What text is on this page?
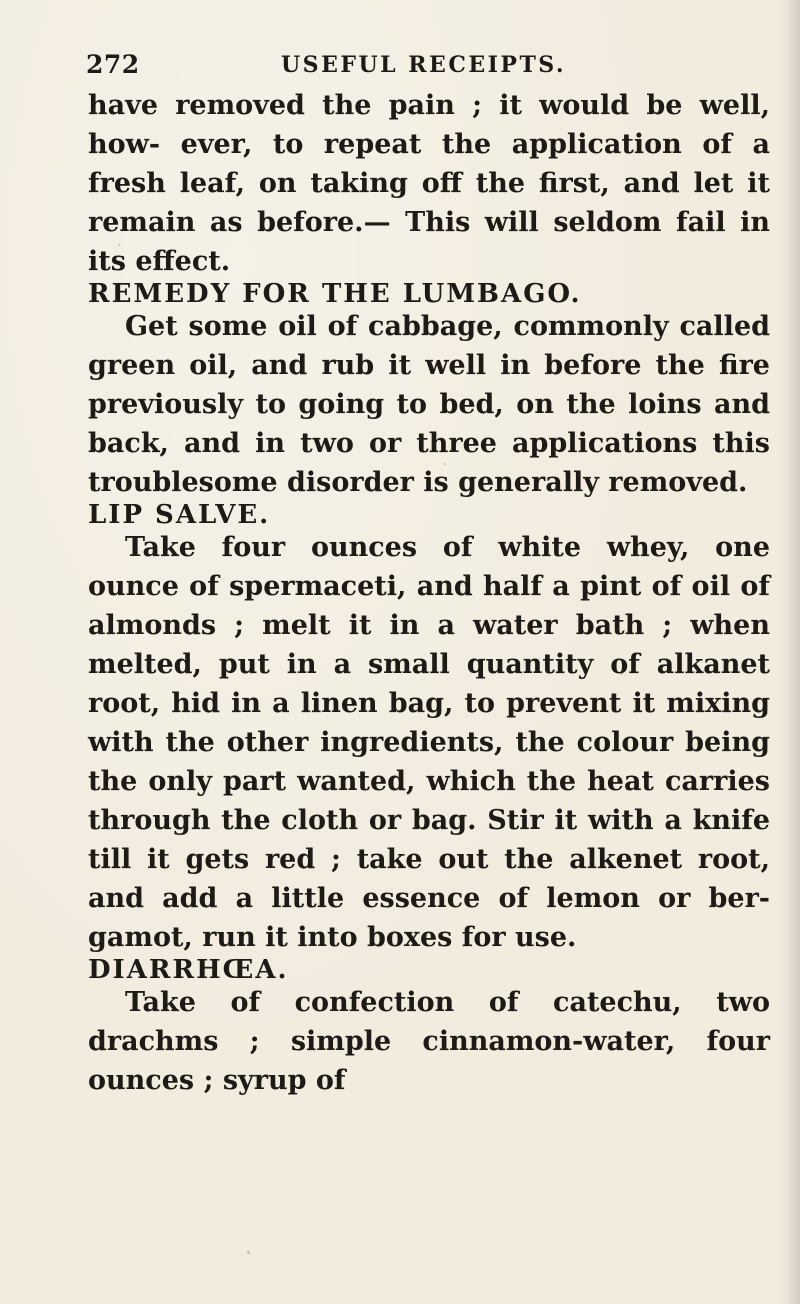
272	USEFUL RECEIPTS.

have removed the pain ; it would be well, how- ever, to repeat the application of a fresh leaf, on taking off the first, and let it remain as before.— This will seldom fail in its effect.

REMEDY FOR THE LUMBAGO.

Get some oil of cabbage, commonly called green oil, and rub it well in before the fire previously to going to bed, on the loins and back, and in two or three applications this troublesome disorder is generally removed.

LIP SALVE.

Take four ounces of white whey, one ounce of spermaceti, and half a pint of oil of almonds ; melt it in a water bath ; when melted, put in a small quantity of alkanet root, hid in a linen bag, to prevent it mixing with the other ingredients, the colour being the only part wanted, which the heat carries through the cloth or bag. Stir it with a knife till it gets red ; take out the alkenet root, and add a little essence of lemon or ber- gamot, run it into boxes for use.

DIARRHŒA.

Take of confection of catechu, two drachms ; simple cinnamon-water, four ounces ; syrup of
